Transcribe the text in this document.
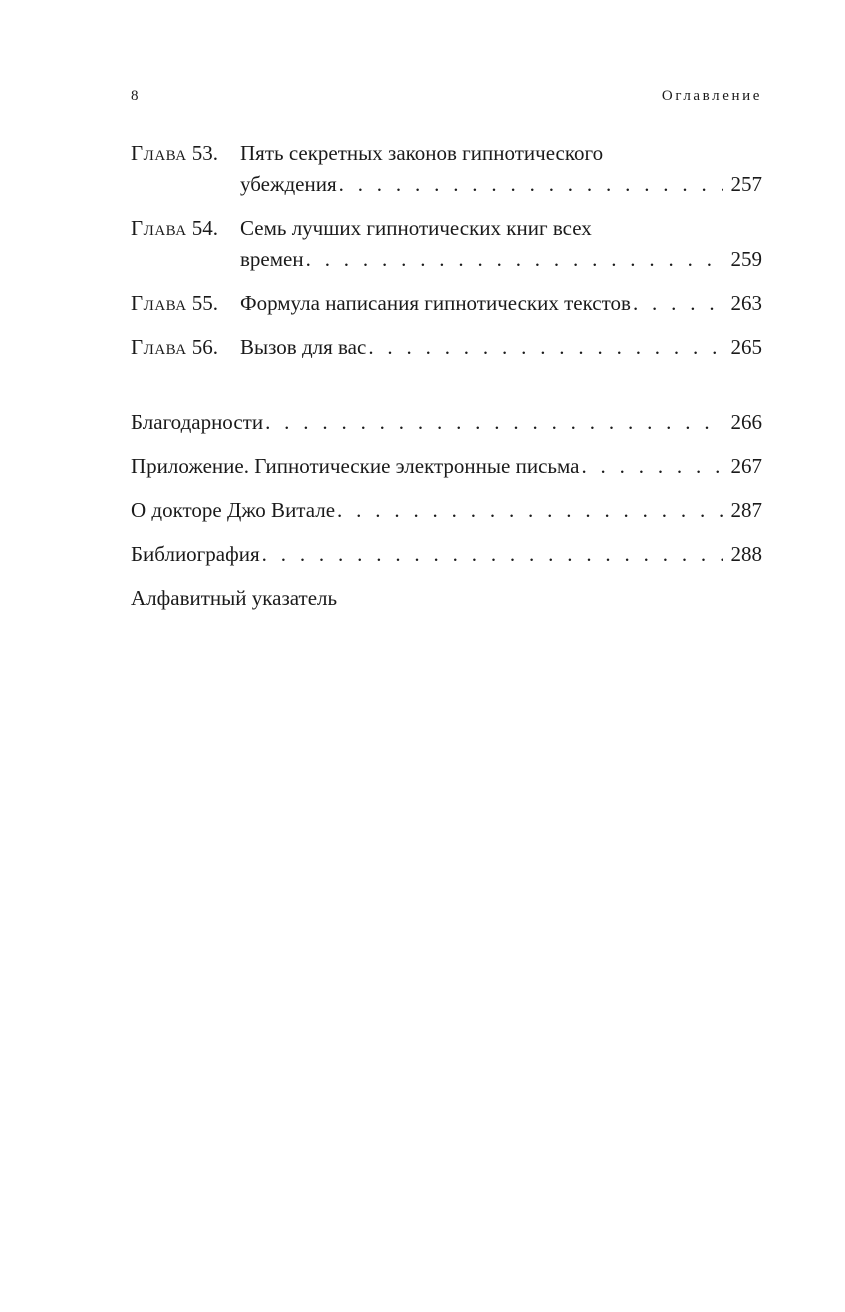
8	Оглавление
Глава 53.	Пять секретных законов гипнотического
убеждения . . .	257
Глава 54.	Семь лучших гипнотических книг всех
времен . . .	259
Глава 55.	Формула написания гипнотических текстов . . .	263
Глава 56.	Вызов для вас . . .	265
Благодарности . . .	266
Приложение. Гипнотические электронные письма . . .	267
О докторе Джо Витале . . .	287
Библиография . . .	288
Алфавитный указатель
